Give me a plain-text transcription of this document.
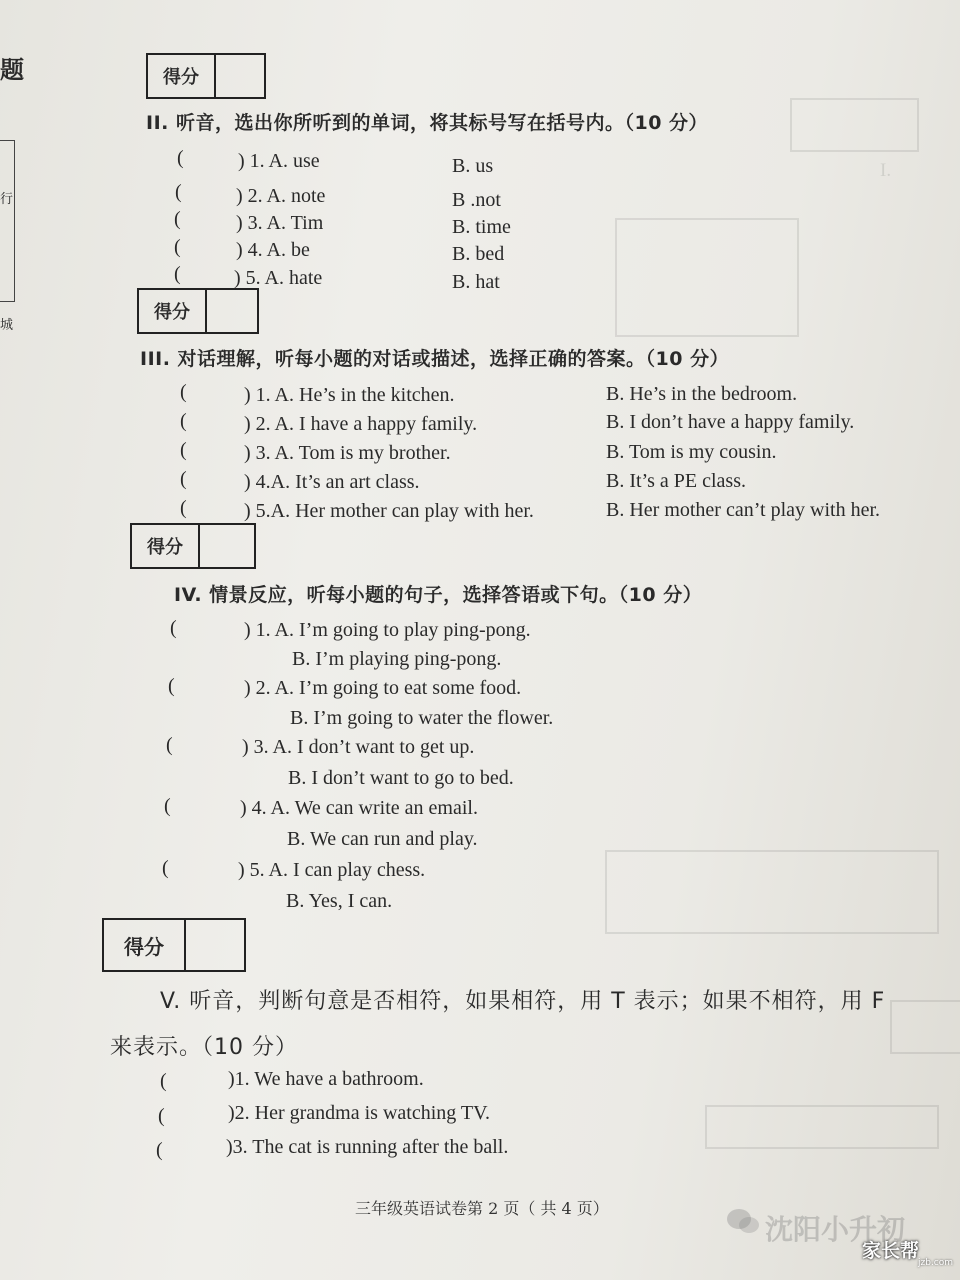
I.
题
行
城
得分
II. 听音，选出你所听到的单词，将其标号写在括号内。（10 分）
(	) 1. A. use	B. us
(	) 2. A. note	B .not
(	) 3. A. Tim	B. time
(	) 4. A. be	B. bed
(	) 5. A. hate	B. hat
得分
III. 对话理解，听每小题的对话或描述，选择正确的答案。（10 分）
(	) 1. A. He’s in the kitchen.	B. He’s in the bedroom.
(	) 2. A. I have a happy family.	B. I don’t have a happy family.
(	) 3. A. Tom is my brother.	B. Tom is my cousin.
(	) 4.A. It’s an art class.	B. It’s a PE class.
(	) 5.A. Her mother can play with her.	B. Her mother can’t play with her.
得分
IV. 情景反应，听每小题的句子，选择答语或下句。（10 分）
(	) 1. A. I’m going to play ping-pong.
B. I’m playing ping-pong.
(	) 2. A. I’m going to eat some food.
B. I’m going to water the flower.
(	) 3. A. I don’t want to get up.
B. I don’t want to go to bed.
(	) 4. A. We can write an email.
B. We can run and play.
(	) 5. A. I can play chess.
B. Yes, I can.
得分
V. 听音，判断句意是否相符，如果相符，用 T 表示；如果不相符，用 F
来表示。（10 分）
(	)1. We have a bathroom.
(	)2. Her grandma is watching TV.
(	)3. The cat is running after the ball.
三年级英语试卷第 2 页（ 共 4 页）
沈阳小升初
家长帮
jzb.com
